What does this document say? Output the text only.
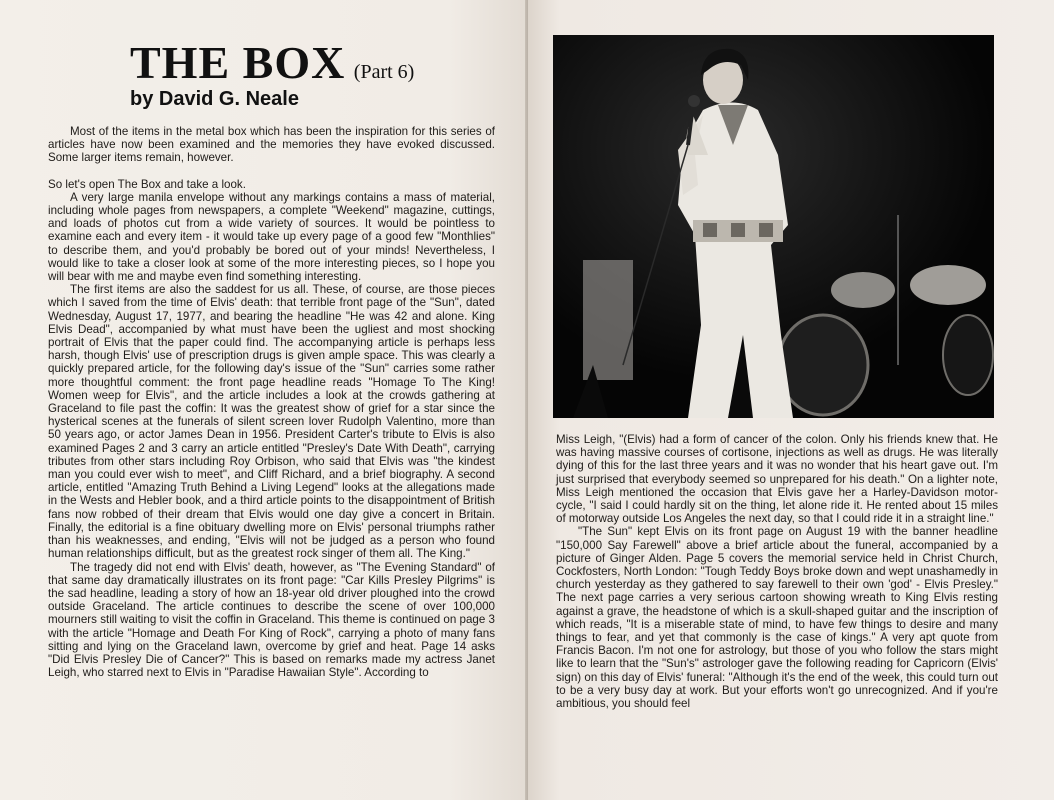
THE BOX (Part 6)
by David G. Neale

Most of the items in the metal box which has been the inspiration for this series of articles have now been examined and the memories they have evoked discussed. Some larger items remain, however.

So let's open The Box and take a look.

A very large manila envelope without any markings contains a mass of material, including whole pages from newspapers, a complete "Weekend" magazine, cuttings, and loads of photos cut from a wide variety of sources. It would be pointless to examine each and every item - it would take up every page of a good few "Monthlies" to describe them, and you'd probably be bored out of your minds! Nevertheless, I would like to take a closer look at some of the more interesting pieces, so I hope you will bear with me and maybe even find something interesting.

The first items are also the saddest for us all. These, of course, are those pieces which I saved from the time of Elvis' death: that terrible front page of the "Sun", dated Wednesday, August 17, 1977, and bearing the headline "He was 42 and alone. King Elvis Dead", accompanied by what must have been the ugliest and most shocking portrait of Elvis that the paper could find. The accompanying article is perhaps less harsh, though Elvis' use of prescription drugs is given ample space. This was clearly a quickly prepared article, for the following day's issue of the "Sun" carries some rather more thoughtful comment: the front page headline reads "Homage To The King! Women weep for Elvis", and the article includes a look at the crowds gathering at Graceland to file past the coffin: It was the greatest show of grief for a star since the hysterical scenes at the funerals of silent screen lover Rudolph Valentino, more than 50 years ago, or actor James Dean in 1956. President Carter's tribute to Elvis is also examined Pages 2 and 3 carry an article entitled "Presley's Date With Death", carrying tributes from other stars including Roy Orbison, who said that Elvis was "the kindest man you could ever wish to meet", and Cliff Richard, and a brief biography. A second article, entitled "Amazing Truth Behind a Living Legend" looks at the allegations made in the Wests and Hebler book, and a third article points to the disappointment of British fans now robbed of their dream that Elvis would one day give a concert in Britain. Finally, the editorial is a fine obituary dwelling more on Elvis' personal triumphs rather than his weaknesses, and ending, "Elvis will not be judged as a person who found human relationships difficult, but as the greatest rock singer of them all. The King."

The tragedy did not end with Elvis' death, however, as "The Evening Standard" of that same day dramatically illustrates on its front page: "Car Kills Presley Pilgrims" is the sad headline, leading a story of how an 18-year old driver ploughed into the crowd outside Graceland. The article continues to describe the scene of over 100,000 mourners still waiting to visit the coffin in Graceland. This theme is continued on page 3 with the article "Homage and Death For King of Rock", carrying a photo of many fans sitting and lying on the Graceland lawn, overcome by grief and heat. Page 14 asks "Did Elvis Presley Die of Cancer?" This is based on remarks made my actress Janet Leigh, who starred next to Elvis in "Paradise Hawaiian Style". According to

Miss Leigh, "(Elvis) had a form of cancer of the colon. Only his friends knew that. He was having massive courses of cortisone, injections as well as drugs. He was literally dying of this for the last three years and it was no wonder that his heart gave out. I'm just surprised that everybody seemed so unprepared for his death." On a lighter note, Miss Leigh mentioned the occasion that Elvis gave her a Harley-Davidson motor-cycle, "I said I could hardly sit on the thing, let alone ride it. He rented about 15 miles of motorway outside Los Angeles the next day, so that I could ride it in a straight line."

"The Sun" kept Elvis on its front page on August 19 with the banner headline "150,000 Say Farewell" above a brief article about the funeral, accompanied by a picture of Ginger Alden. Page 5 covers the memorial service held in Christ Church, Cockfosters, North London: "Tough Teddy Boys broke down and wept unashamedly in church yesterday as they gathered to say farewell to their own 'god' - Elvis Presley." The next page carries a very serious cartoon showing wreath to King Elvis resting against a grave, the headstone of which is a skull-shaped guitar and the inscription of which reads, "It is a miserable state of mind, to have few things to desire and many things to fear, and yet that commonly is the case of kings." A very apt quote from Francis Bacon. I'm not one for astrology, but those of you who follow the stars might like to learn that the "Sun's" astrologer gave the following reading for Capricorn (Elvis' sign) on this day of Elvis' funeral: "Although it's the end of the week, this could turn out to be a very busy day at work. But your efforts won't go unrecognized. And if you're ambitious, you should feel
